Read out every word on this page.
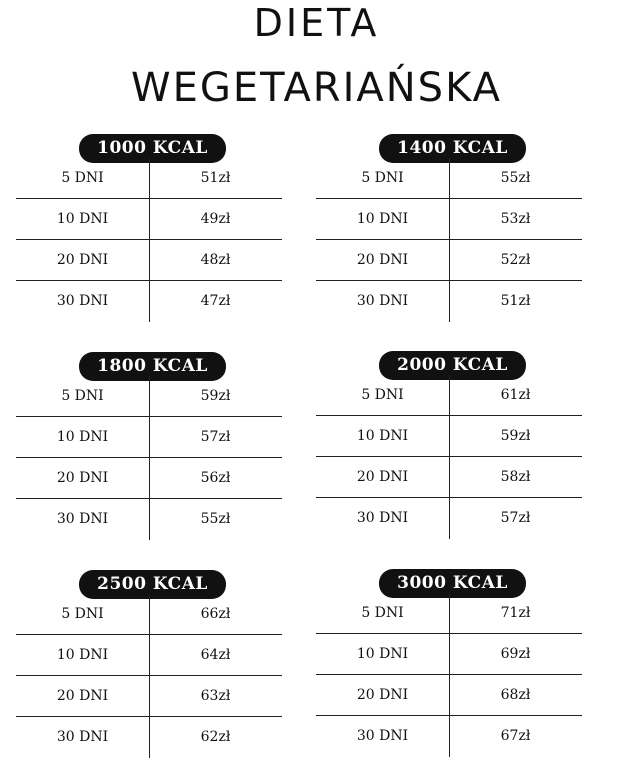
DIETA
WEGETARIAŃSKA
1000 KCAL
5 DNI	51zł
10 DNI	49zł
20 DNI	48zł
30 DNI	47zł
1400 KCAL
5 DNI	55zł
10 DNI	53zł
20 DNI	52zł
30 DNI	51zł
1800 KCAL
5 DNI	59zł
10 DNI	57zł
20 DNI	56zł
30 DNI	55zł
2000 KCAL
5 DNI	61zł
10 DNI	59zł
20 DNI	58zł
30 DNI	57zł
2500 KCAL
5 DNI	66zł
10 DNI	64zł
20 DNI	63zł
30 DNI	62zł
3000 KCAL
5 DNI	71zł
10 DNI	69zł
20 DNI	68zł
30 DNI	67zł
